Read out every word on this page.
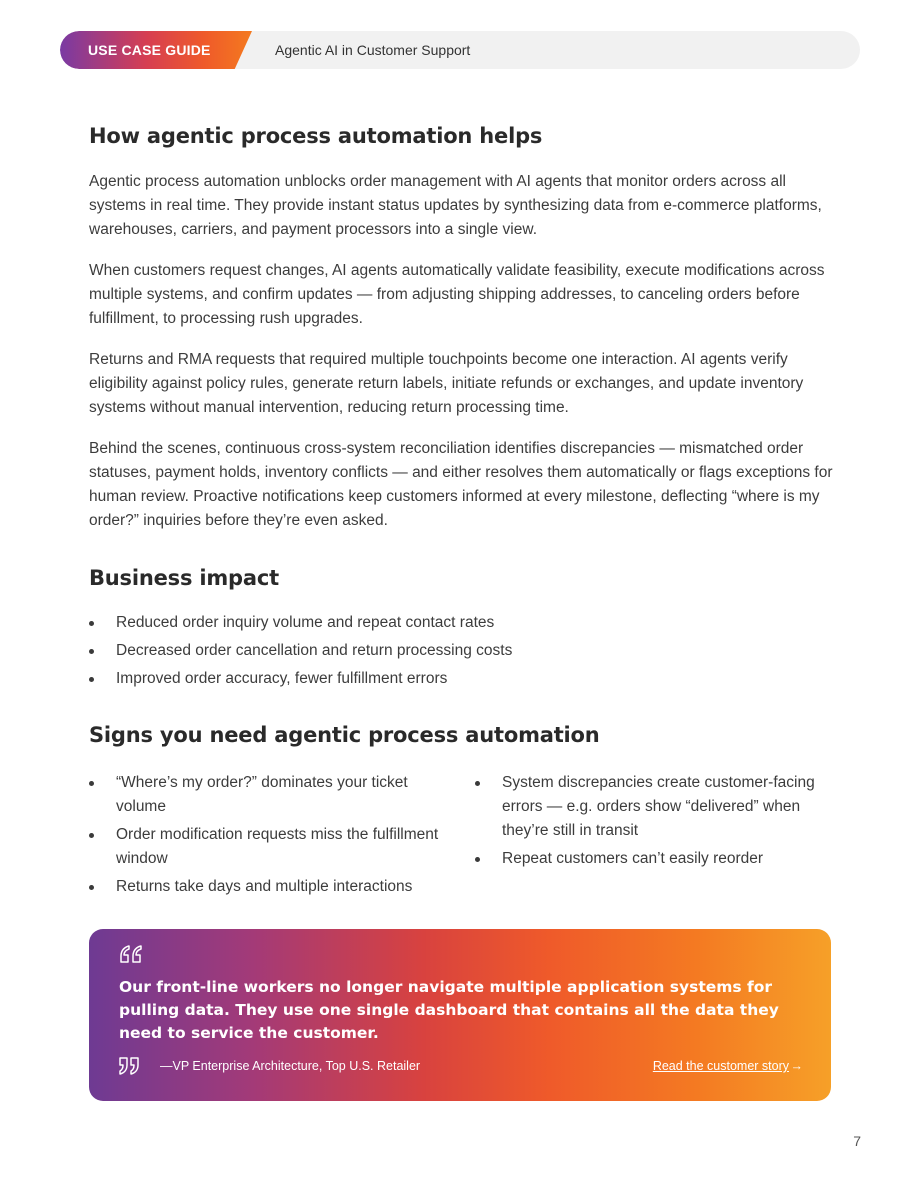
USE CASE GUIDE	Agentic AI in Customer Support
How agentic process automation helps

Agentic process automation unblocks order management with AI agents that monitor orders across all systems in real time. They provide instant status updates by synthesizing data from e-commerce platforms, warehouses, carriers, and payment processors into a single view.

When customers request changes, AI agents automatically validate feasibility, execute modifications across multiple systems, and confirm updates — from adjusting shipping addresses, to canceling orders before fulfillment, to processing rush upgrades.

Returns and RMA requests that required multiple touchpoints become one interaction. AI agents verify eligibility against policy rules, generate return labels, initiate refunds or exchanges, and update inventory systems without manual intervention, reducing return processing time.

Behind the scenes, continuous cross-system reconciliation identifies discrepancies — mismatched order statuses, payment holds, inventory conflicts — and either resolves them automatically or flags exceptions for human review. Proactive notifications keep customers informed at every milestone, deflecting “where is my order?” inquiries before they’re even asked.

Business impact
Reduced order inquiry volume and repeat contact rates
Decreased order cancellation and return processing costs
Improved order accuracy, fewer fulfillment errors
Signs you need agentic process automation
“Where’s my order?” dominates your ticket volume
Order modification requests miss the fulfillment window
Returns take days and multiple interactions
System discrepancies create customer-facing errors — e.g. orders show “delivered” when they’re still in transit
Repeat customers can’t easily reorder

Our front-line workers no longer navigate multiple application systems for pulling data. They use one single dashboard that contains all the data they need to service the customer.

—VP Enterprise Architecture, Top U.S. Retailer	Read the customer story →
7
